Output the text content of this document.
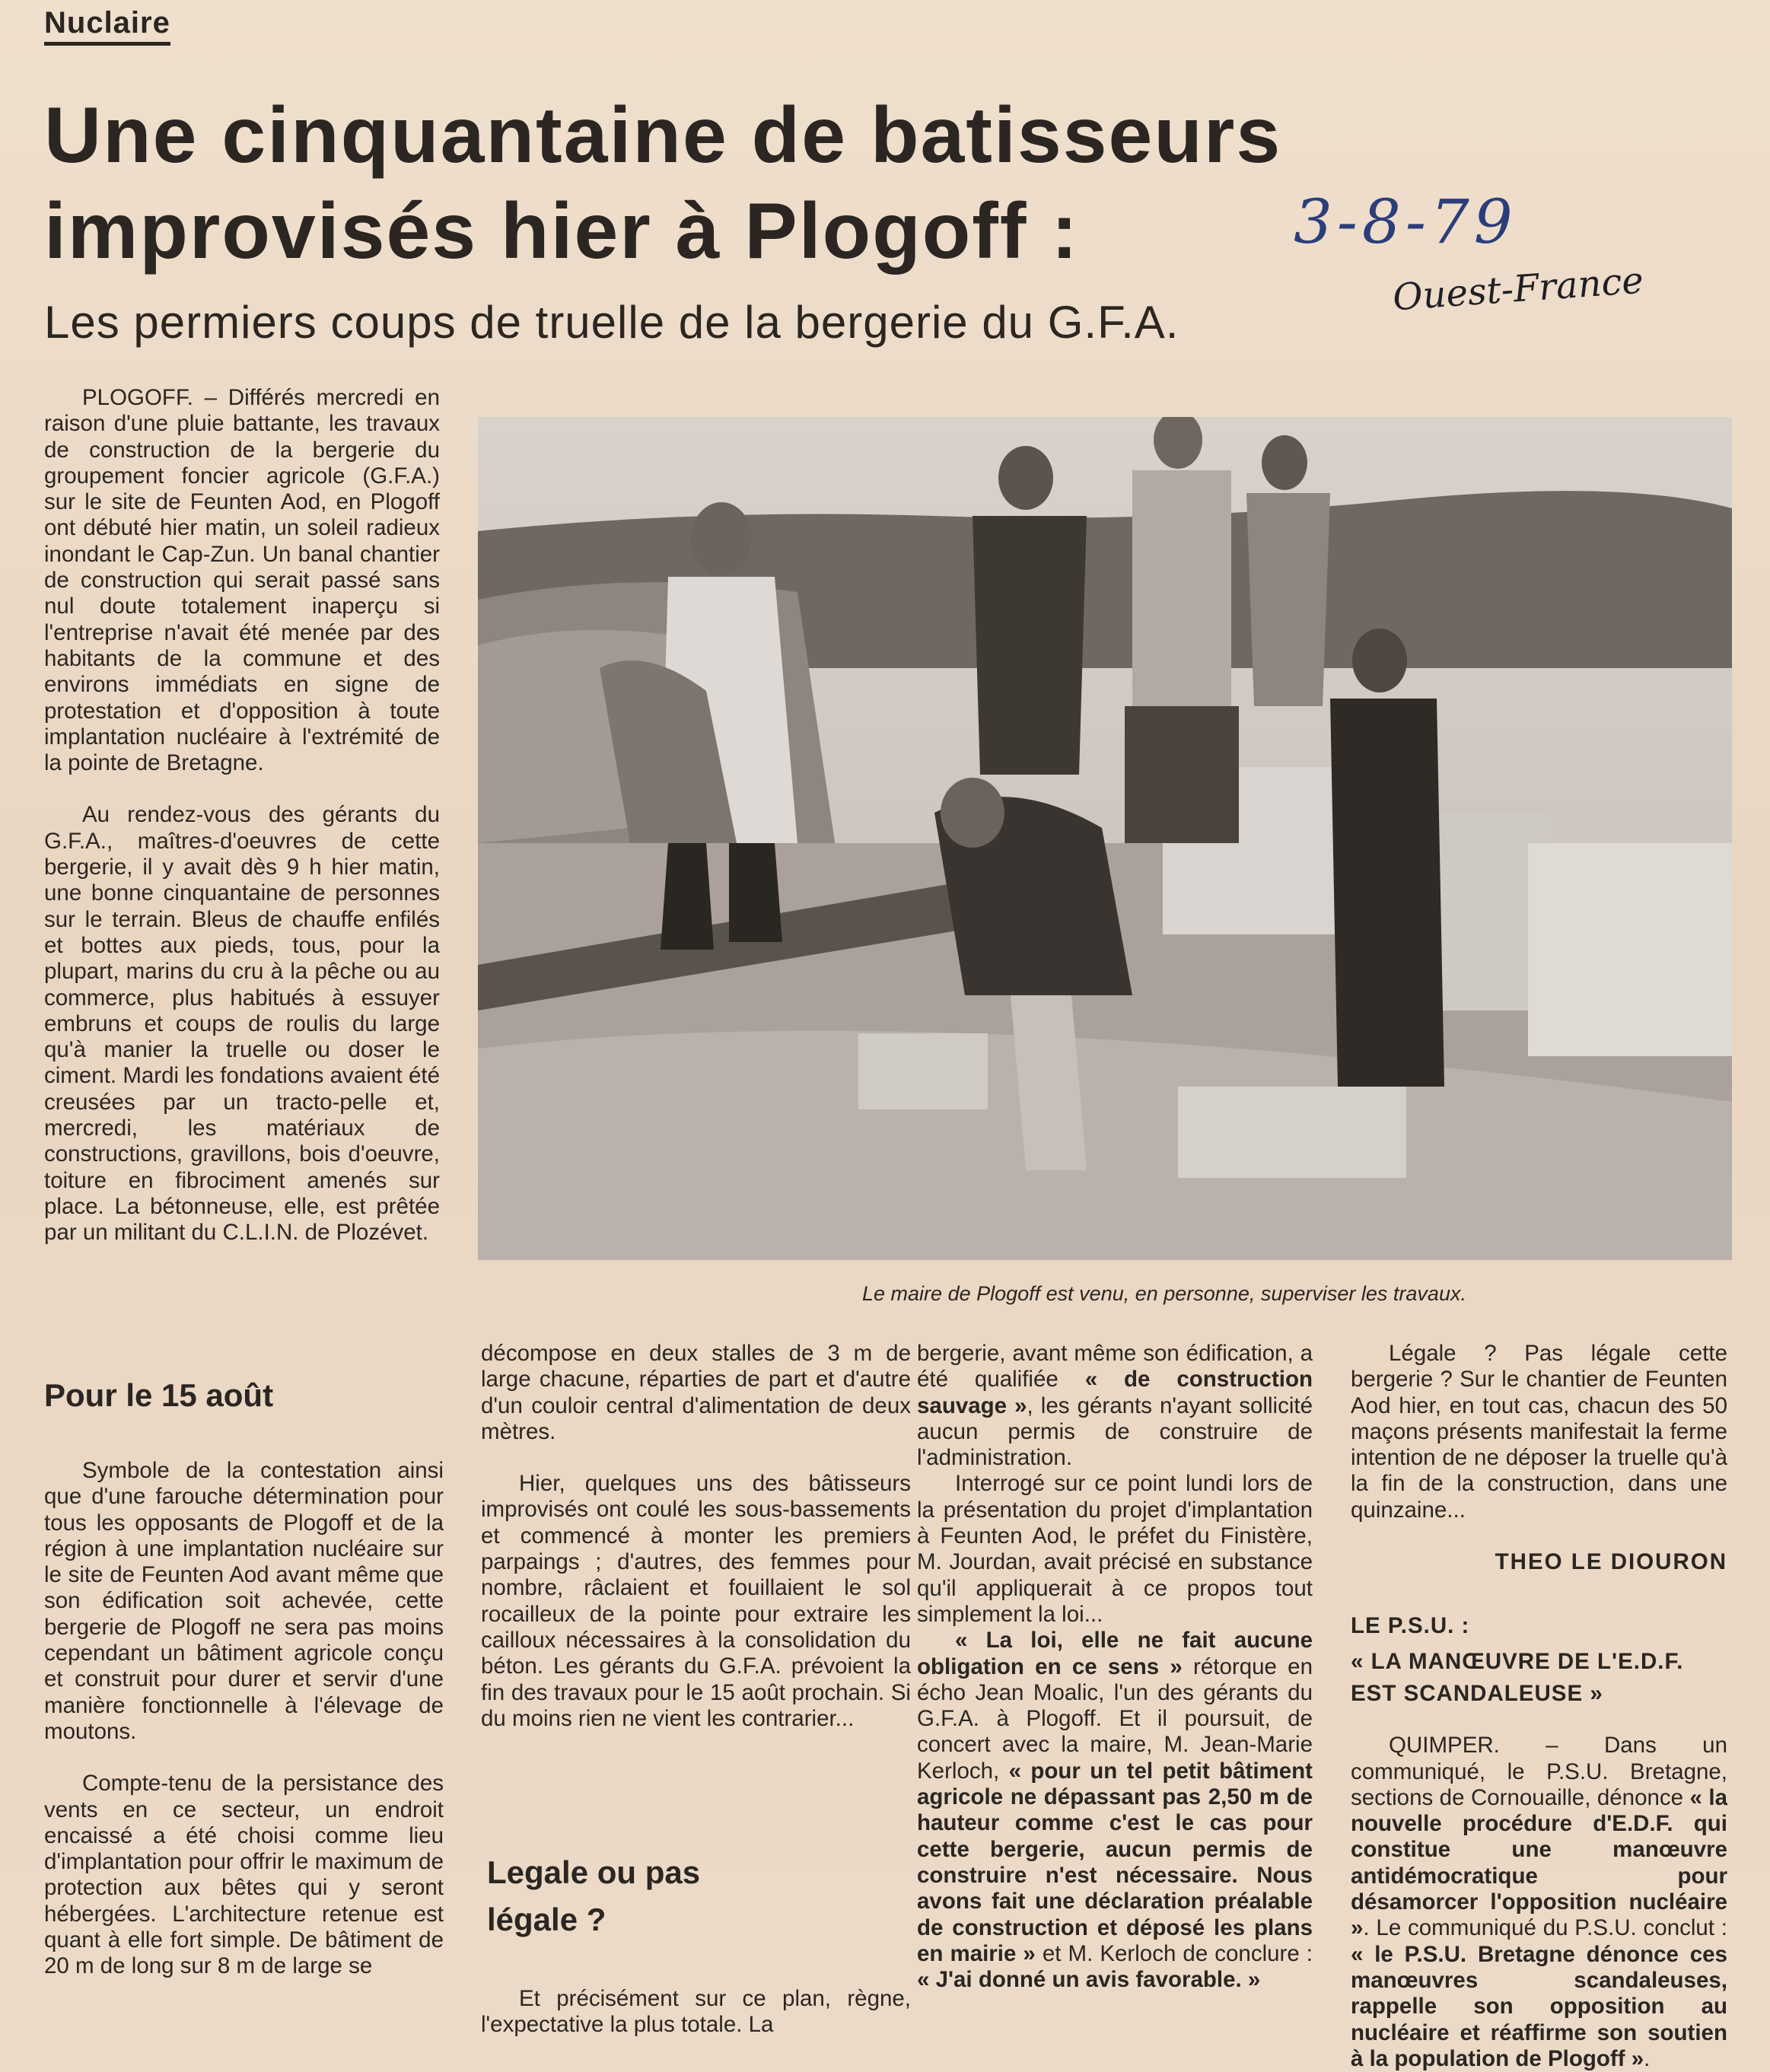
Nuclaire
Une cinquantaine de batisseurs
improvisés hier à Plogoff :	3-8-79
Ouest-France
Les permiers coups de truelle de la bergerie du G.F.A.

PLOGOFF. – Différés mercredi en raison d'une pluie battante, les travaux de construction de la bergerie du groupement foncier agricole (G.F.A.) sur le site de Feunten Aod, en Plogoff ont débuté hier matin, un soleil radieux inondant le Cap-Zun. Un banal chantier de construction qui serait passé sans nul doute totalement inaperçu si l'entreprise n'avait été menée par des habitants de la commune et des environs immédiats en signe de protestation et d'opposition à toute implantation nucléaire à l'extrémité de la pointe de Bretagne.

Au rendez-vous des gérants du G.F.A., maîtres-d'oeuvres de cette bergerie, il y avait dès 9 h hier matin, une bonne cinquantaine de personnes sur le terrain. Bleus de chauffe enfilés et bottes aux pieds, tous, pour la plupart, marins du cru à la pêche ou au commerce, plus habitués à essuyer embruns et coups de roulis du large qu'à manier la truelle ou doser le ciment. Mardi les fondations avaient été creusées par un tracto-pelle et, mercredi, les matériaux de constructions, gravillons, bois d'oeuvre, toiture en fibrociment amenés sur place. La bétonneuse, elle, est prêtée par un militant du C.L.I.N. de Plozévet.

Le maire de Plogoff est venu, en personne, superviser les travaux.
Pour le 15 août

Symbole de la contestation ainsi que d'une farouche détermination pour tous les opposants de Plogoff et de la région à une implantation nucléaire sur le site de Feunten Aod avant même que son édification soit achevée, cette bergerie de Plogoff ne sera pas moins cependant un bâtiment agricole conçu et construit pour durer et servir d'une manière fonctionnelle à l'élevage de moutons.

Compte-tenu de la persistance des vents en ce secteur, un endroit encaissé a été choisi comme lieu d'implantation pour offrir le maximum de protection aux bêtes qui y seront hébergées. L'architecture retenue est quant à elle fort simple. De bâtiment de 20 m de long sur 8 m de large se

décompose en deux stalles de 3 m de large chacune, réparties de part et d'autre d'un couloir central d'alimentation de deux mètres.

Hier, quelques uns des bâtisseurs improvisés ont coulé les sous-bassements et commencé à monter les premiers parpaings ; d'autres, des femmes pour nombre, râclaient et fouillaient le sol rocailleux de la pointe pour extraire les cailloux nécessaires à la consolidation du béton. Les gérants du G.F.A. prévoient la fin des travaux pour le 15 août prochain. Si du moins rien ne vient les contrarier...

Legale ou pas légale ?

Et précisément sur ce plan, règne, l'expectative la plus totale. La

bergerie, avant même son édification, a été qualifiée « de construction sauvage », les gérants n'ayant sollicité aucun permis de construire de l'administration.

Interrogé sur ce point lundi lors de la présentation du projet d'implantation à Feunten Aod, le préfet du Finistère, M. Jourdan, avait précisé en substance qu'il appliquerait à ce propos tout simplement la loi...

« La loi, elle ne fait aucune obligation en ce sens » rétorque en écho Jean Moalic, l'un des gérants du G.F.A. à Plogoff. Et il poursuit, de concert avec la maire, M. Jean-Marie Kerloch, « pour un tel petit bâtiment agricole ne dépassant pas 2,50 m de hauteur comme c'est le cas pour cette bergerie, aucun permis de construire n'est nécessaire. Nous avons fait une déclaration préalable de construction et déposé les plans en mairie » et M. Kerloch de conclure : « J'ai donné un avis favorable. »

Légale ? Pas légale cette bergerie ? Sur le chantier de Feunten Aod hier, en tout cas, chacun des 50 maçons présents manifestait la ferme intention de ne déposer la truelle qu'à la fin de la construction, dans une quinzaine...

THEO LE DIOURON

LE P.S.U. :

« LA MANŒUVRE DE L'E.D.F.

EST SCANDALEUSE »

QUIMPER. – Dans un communiqué, le P.S.U. Bretagne, sections de Cornouaille, dénonce « la nouvelle procédure d'E.D.F. qui constitue une manœuvre antidémocratique pour désamorcer l'opposition nucléaire ». Le communiqué du P.S.U. conclut : « le P.S.U. Bretagne dénonce ces manœuvres scandaleuses, rappelle son opposition au nucléaire et réaffirme son soutien à la population de Plogoff ».
